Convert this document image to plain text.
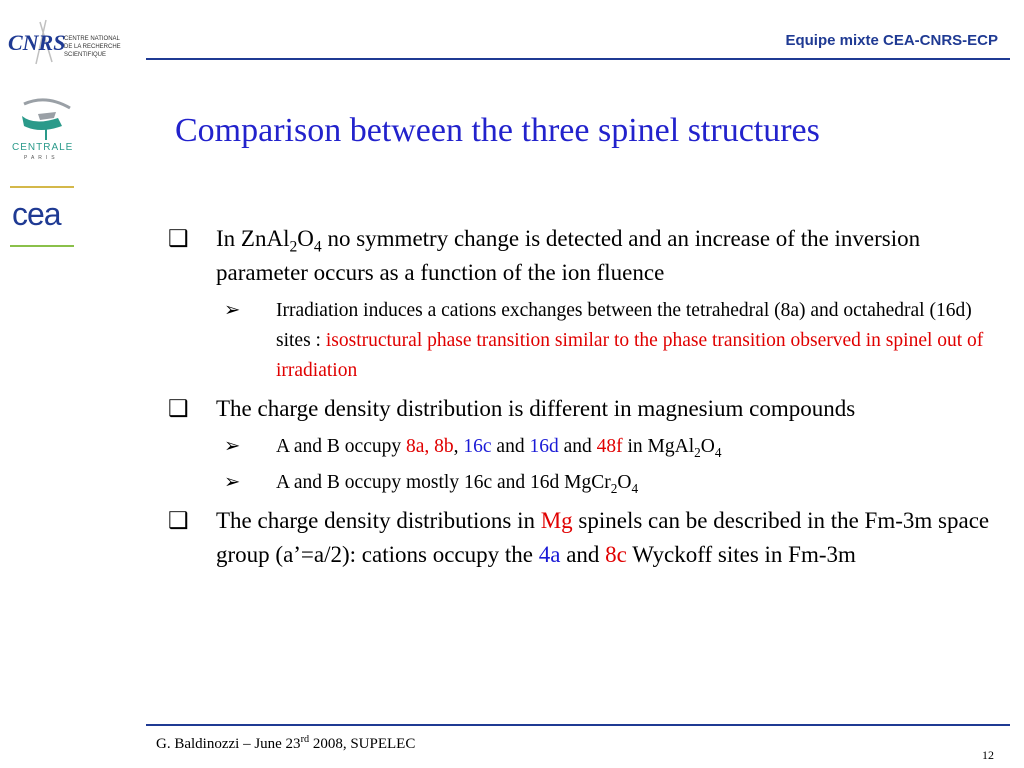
CNRS
CENTRE NATIONAL
DE LA RECHERCHE
SCIENTIFIQUE
CENTRALE
PARIS
cea
Equipe mixte CEA-CNRS-ECP
Comparison between the three spinel structures
❑ In $ZnAl_2O_4$ no symmetry change is detected and an increase of the inversion parameter occurs as a function of the ion fluence
➢ Irradiation induces a cations exchanges between the tetrahedral (8a) and octahedral (16d) sites : isostructural phase transition similar to the phase transition observed in spinel out of irradiation
❑ The charge density distribution is different in magnesium compounds
➢ A and B occupy 8a, 8b, 16c and 16d and 48f in $MgAl_2O_4$
➢ A and B occupy mostly 16c and 16d $MgCr_2O_4$
❑ The charge density distributions in Mg spinels can be described in the Fm-3m space group (a’=a/2): cations occupy the 4a and 8c Wyckoff sites in Fm-3m
G. Baldinozzi – June 23rd 2008, SUPELEC
12
